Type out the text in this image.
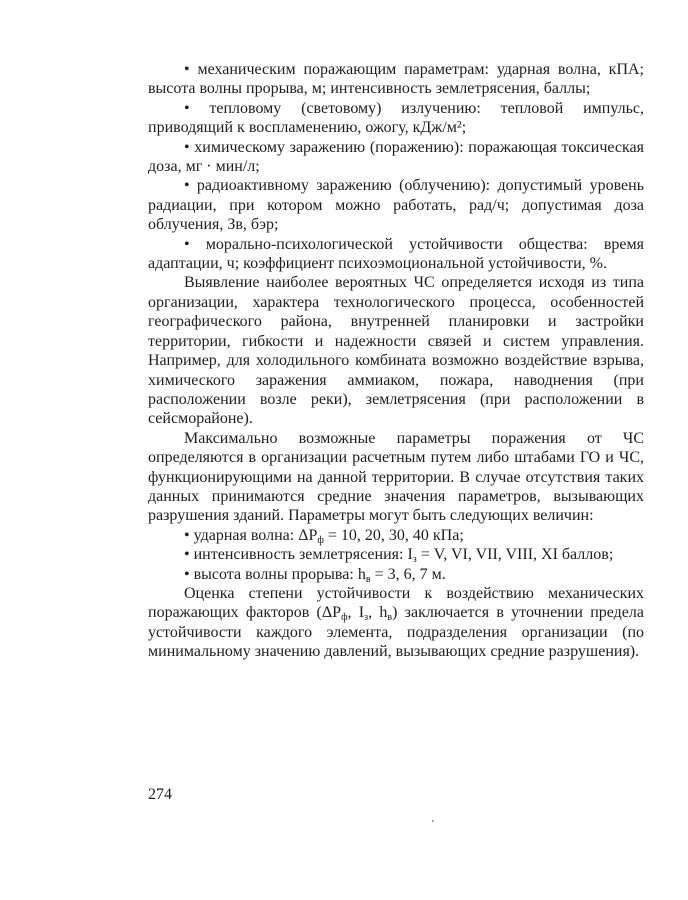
• механическим поражающим параметрам: ударная волна, кПА; высота волны прорыва, м; интенсивность землетрясения, баллы;
• тепловому (световому) излучению: тепловой импульс, приводящий к воспламенению, ожогу, кДж/м²;
• химическому заражению (поражению): поражающая токсическая доза, мг · мин/л;
• радиоактивному заражению (облучению): допустимый уровень радиации, при котором можно работать, рад/ч; допустимая доза облучения, Зв, бэр;
• морально-психологической устойчивости общества: время адаптации, ч; коэффициент психоэмоциональной устойчивости, %.
Выявление наиболее вероятных ЧС определяется исходя из типа организации, характера технологического процесса, особенностей географического района, внутренней планировки и застройки территории, гибкости и надежности связей и систем управления. Например, для холодильного комбината возможно воздействие взрыва, химического заражения аммиаком, пожара, наводнения (при расположении возле реки), землетрясения (при расположении в сейсморайоне).
Максимально возможные параметры поражения от ЧС определяются в организации расчетным путем либо штабами ГО и ЧС, функционирующими на данной территории. В случае отсутствия таких данных принимаются средние значения параметров, вызывающих разрушения зданий. Параметры могут быть следующих величин:
• ударная волна: $\Delta P_ф = 10$, 20, 30, 40 кПа;
• интенсивность землетрясения: $I_з = V$, VI, VII, VIII, XI баллов;
• высота волны прорыва: $h_в = 3$, 6, 7 м.
Оценка степени устойчивости к воздействию механических поражающих факторов ($\Delta P_ф$, $I_з$, $h_в$) заключается в уточнении предела устойчивости каждого элемента, подразделения организации (по минимальному значению давлений, вызывающих средние разрушения).
274
